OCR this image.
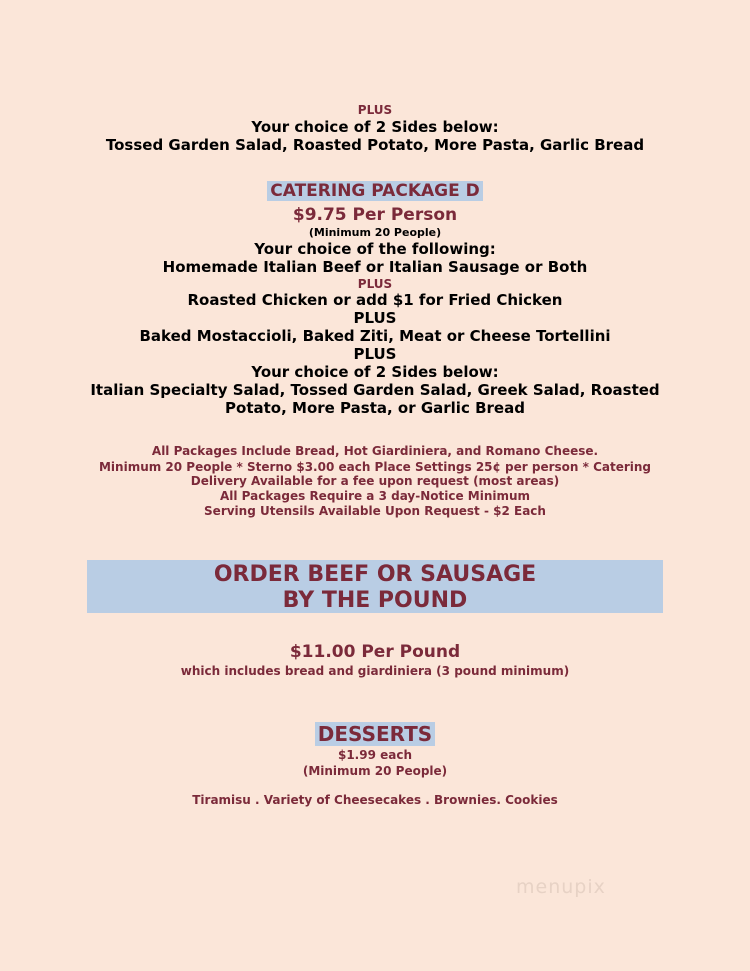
PLUS
Your choice of 2 Sides below:
Tossed Garden Salad, Roasted Potato, More Pasta, Garlic Bread
CATERING PACKAGE D
$9.75 Per Person
(Minimum 20 People)
Your choice of the following:
Homemade Italian Beef or Italian Sausage or Both
PLUS
Roasted Chicken or add $1 for Fried Chicken
PLUS
Baked Mostaccioli, Baked Ziti, Meat or Cheese Tortellini
PLUS
Your choice of 2 Sides below:
Italian Specialty Salad, Tossed Garden Salad, Greek Salad, Roasted
Potato, More Pasta, or Garlic Bread
All Packages Include Bread, Hot Giardiniera, and Romano Cheese.
Minimum 20 People * Sterno $3.00 each Place Settings 25¢ per person * Catering
Delivery Available for a fee upon request (most areas)
All Packages Require a 3 day-Notice Minimum
Serving Utensils Available Upon Request - $2 Each
ORDER BEEF OR SAUSAGE
BY THE POUND
$11.00 Per Pound
which includes bread and giardiniera (3 pound minimum)
DESSERTS
$1.99 each
(Minimum 20 People)
Tiramisu . Variety of Cheesecakes . Brownies. Cookies
menupix
